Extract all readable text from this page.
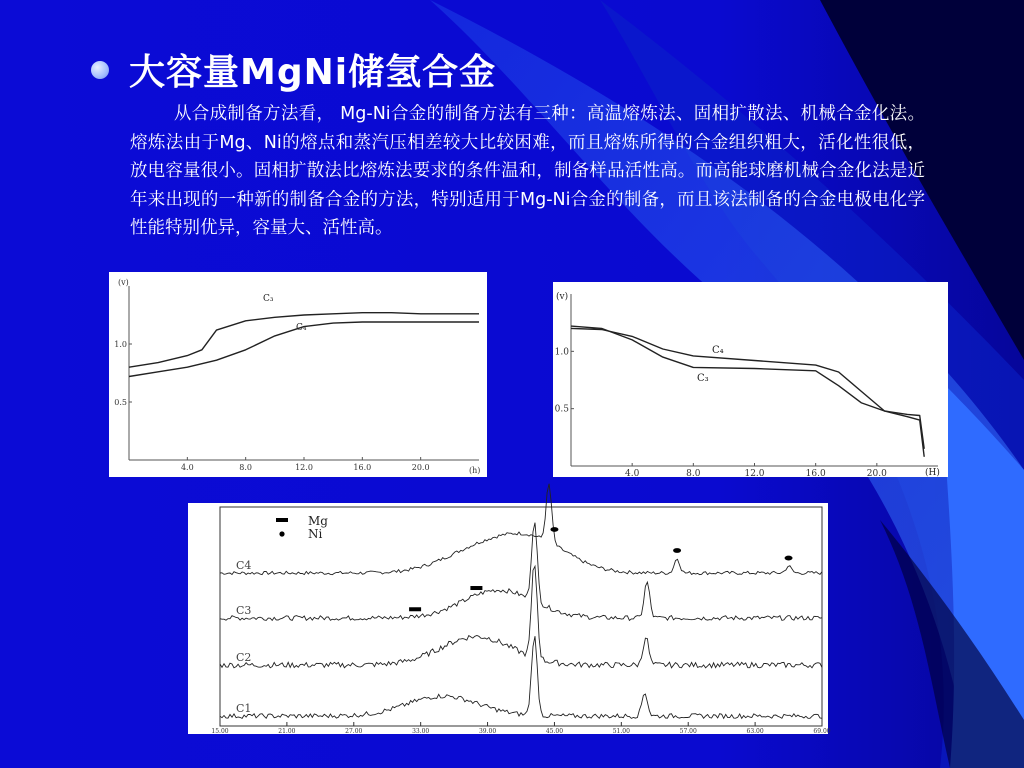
大容量MgNi储氢合金
从合成制备方法看， Mg-Ni合金的制备方法有三种：高温熔炼法、固相扩散法、机械合金化法。熔炼法由于Mg、Ni的熔点和蒸汽压相差较大比较困难，而且熔炼所得的合金组织粗大，活化性很低，放电容量很小。固相扩散法比熔炼法要求的条件温和，制备样品活性高。而高能球磨机械合金化法是近年来出现的一种新的制备合金的方法，特别适用于Mg-Ni合金的制备，而且该法制备的合金电极电化学性能特别优异，容量大、活性高。
(v)
(h)
4.0	8.0	12.0	16.0	20.0
1.0
0.5
C₃
C₄
(v)
(H)
4.0	8.0	12.0	16.0	20.0
1.0
0.5
C₄
C₃
Mg
Ni
C4
C3
C2
C1
15.00	21.00	27.00	33.00	39.00	45.00	51.00	57.00	63.00	69.00
